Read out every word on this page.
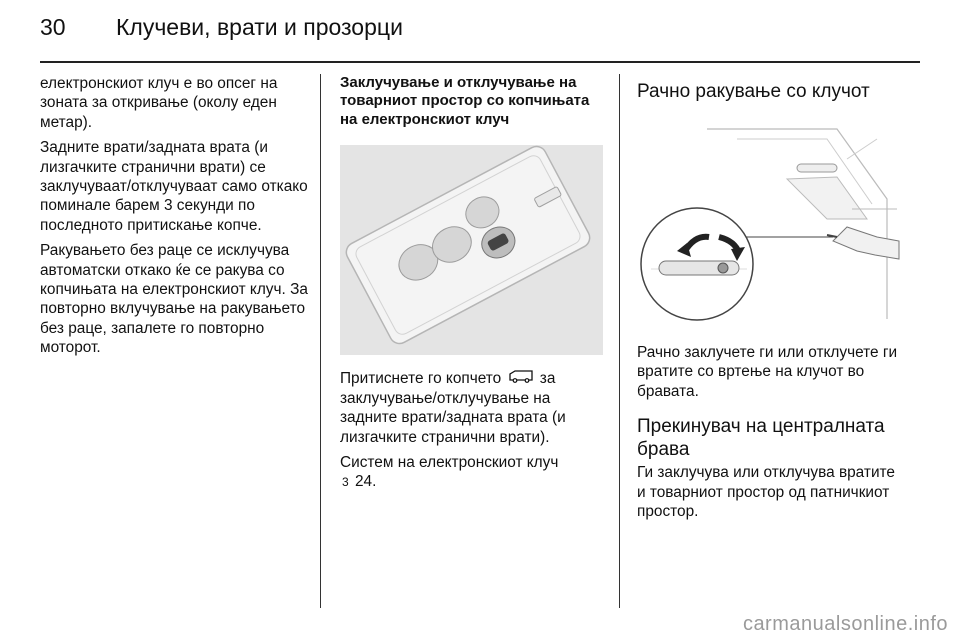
30	Клучеви, врати и прозорци

електронскиот клуч е во опсег на зоната за откривање (околу еден метар).

Задните врати/задната врата (и лизгачките странични врати) се заклучуваат/отклучуваат само откако поминале барем 3 секунди по последното притискање копче.

Ракувањето без раце се исклучува автоматски откако ќе се ракува со копчињата на електронскиот клуч. За повторно вклучување на ракувањето без раце, запалете го повторно моторот.

Заклучување и отклучување на товарниот простор со копчињата на електронскиот клуч

Притиснете го копчето	за заклучување/отклучување на задните врати/задната врата (и лизгачките странични врати).

Систем на електронскиот клуч
3 24.

Рачно ракување со клучот

Рачно заклучете ги или отклучете ги вратите со вртење на клучот во бравата.

Прекинувач на централната брава

Ги заклучува или отклучува вратите и товарниот простор од патничкиот простор.

carmanualsonline.info
